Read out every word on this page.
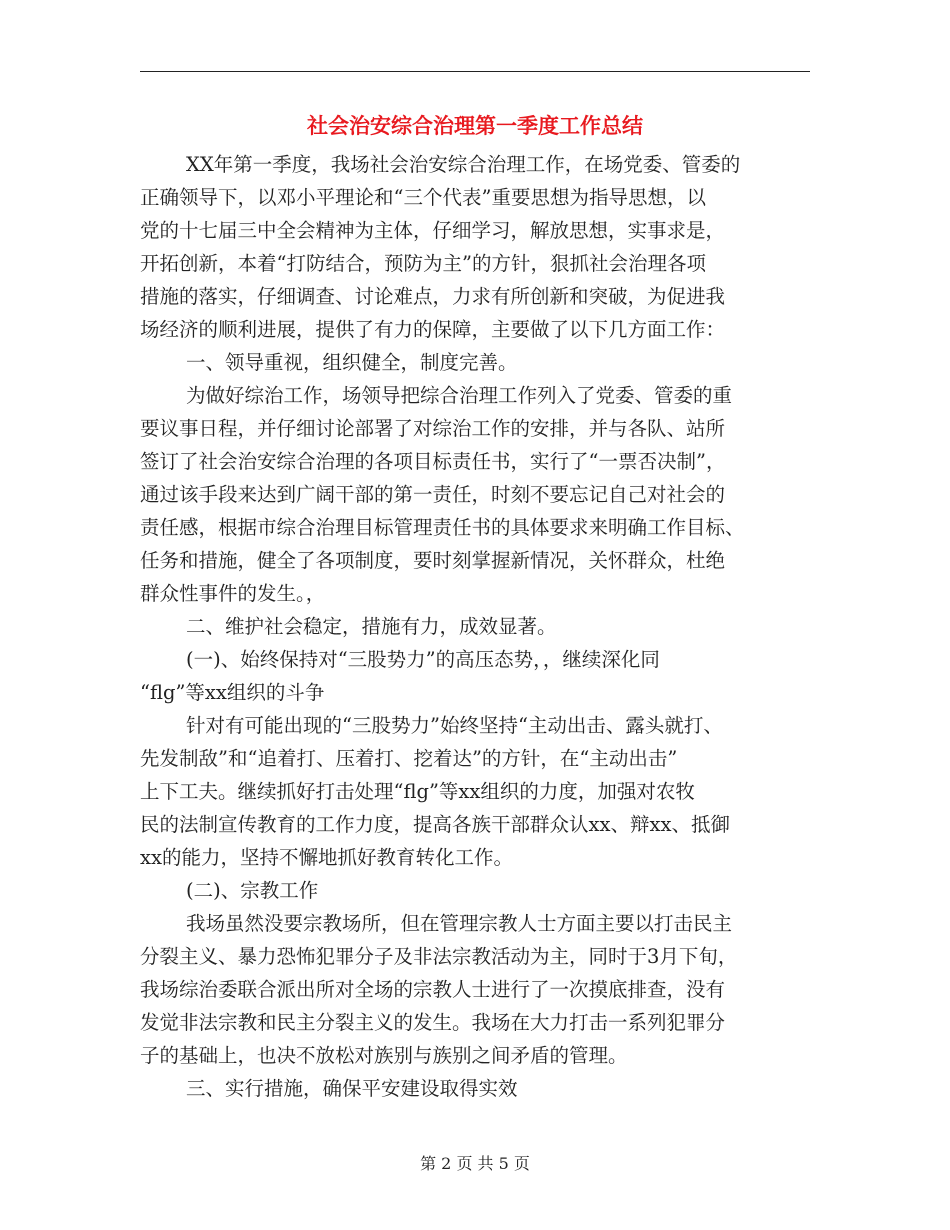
社会治安综合治理第一季度工作总结
XX年第一季度，我场社会治安综合治理工作，在场党委、管委的
正确领导下，以邓小平理论和“三个代表”重要思想为指导思想，以
党的十七届三中全会精神为主体，仔细学习，解放思想，实事求是，
开拓创新，本着“打防结合，预防为主”的方针，狠抓社会治理各项
措施的落实，仔细调查、讨论难点，力求有所创新和突破，为促进我
场经济的顺利进展，提供了有力的保障，主要做了以下几方面工作：
一、领导重视，组织健全，制度完善。
为做好综治工作，场领导把综合治理工作列入了党委、管委的重
要议事日程，并仔细讨论部署了对综治工作的安排，并与各队、站所
签订了社会治安综合治理的各项目标责任书，实行了“一票否决制”，
通过该手段来达到广阔干部的第一责任，时刻不要忘记自己对社会的
责任感，根据市综合治理目标管理责任书的具体要求来明确工作目标、
任务和措施，健全了各项制度，要时刻掌握新情况，关怀群众，杜绝
群众性事件的发生。，
二、维护社会稳定，措施有力，成效显著。
(一)、始终保持对“三股势力”的高压态势，，继续深化同
“flg”等xx组织的斗争
针对有可能出现的“三股势力”始终坚持“主动出击、露头就打、
先发制敌”和“追着打、压着打、挖着达”的方针，在“主动出击”
上下工夫。继续抓好打击处理“flg”等xx组织的力度，加强对农牧
民的法制宣传教育的工作力度，提高各族干部群众认xx、辩xx、抵御
xx的能力，坚持不懈地抓好教育转化工作。
(二)、宗教工作
我场虽然没要宗教场所，但在管理宗教人士方面主要以打击民主
分裂主义、暴力恐怖犯罪分子及非法宗教活动为主，同时于3月下旬，
我场综治委联合派出所对全场的宗教人士进行了一次摸底排查，没有
发觉非法宗教和民主分裂主义的发生。我场在大力打击一系列犯罪分
子的基础上，也决不放松对族别与族别之间矛盾的管理。
三、实行措施，确保平安建设取得实效
第 2 页 共 5 页
